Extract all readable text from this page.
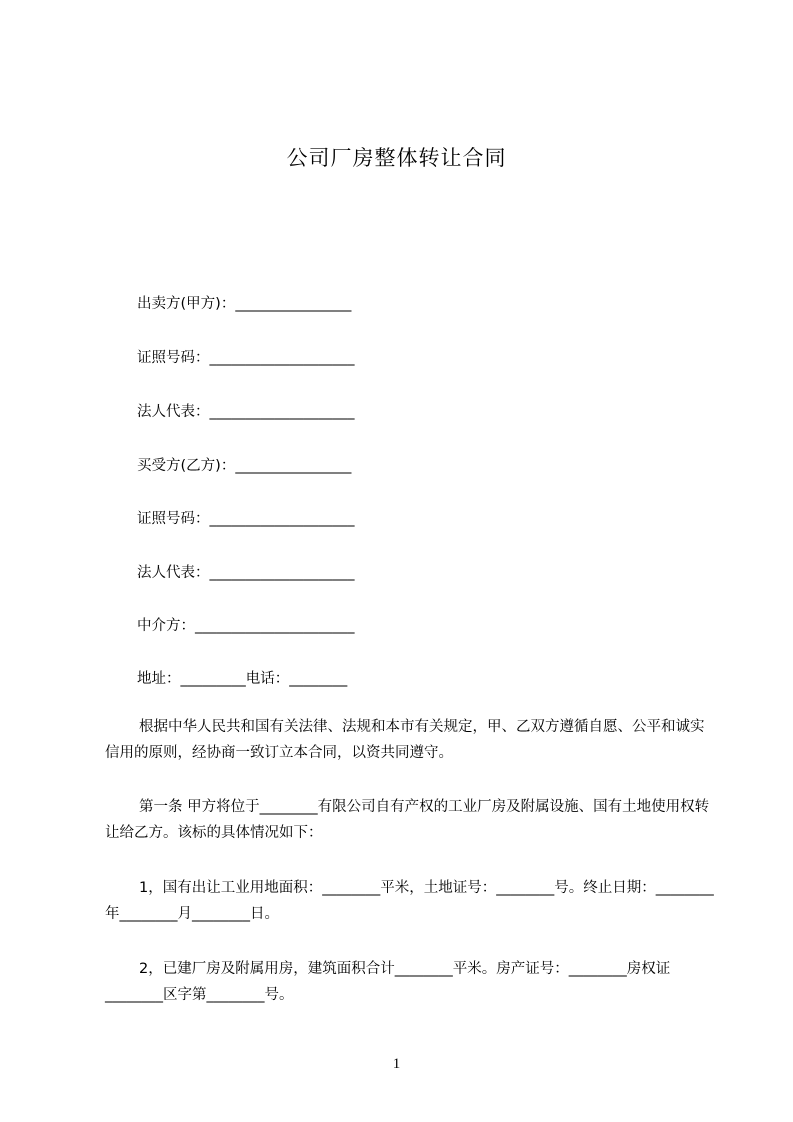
公司厂房整体转让合同
出卖方(甲方)：________________
证照号码：____________________
法人代表：____________________
买受方(乙方)：________________
证照号码：____________________
法人代表：____________________
中介方：______________________
地址：_________电话：________
根据中华人民共和国有关法律、法规和本市有关规定，甲、乙双方遵循自愿、公平和诚实信用的原则，经协商一致订立本合同，以资共同遵守。
第一条 甲方将位于________有限公司自有产权的工业厂房及附属设施、国有土地使用权转让给乙方。该标的具体情况如下：
1，国有出让工业用地面积：________平米，土地证号：________号。终止日期：________年________月________日。
2，已建厂房及附属用房，建筑面积合计________平米。房产证号：________房权证________区字第________号。
1
